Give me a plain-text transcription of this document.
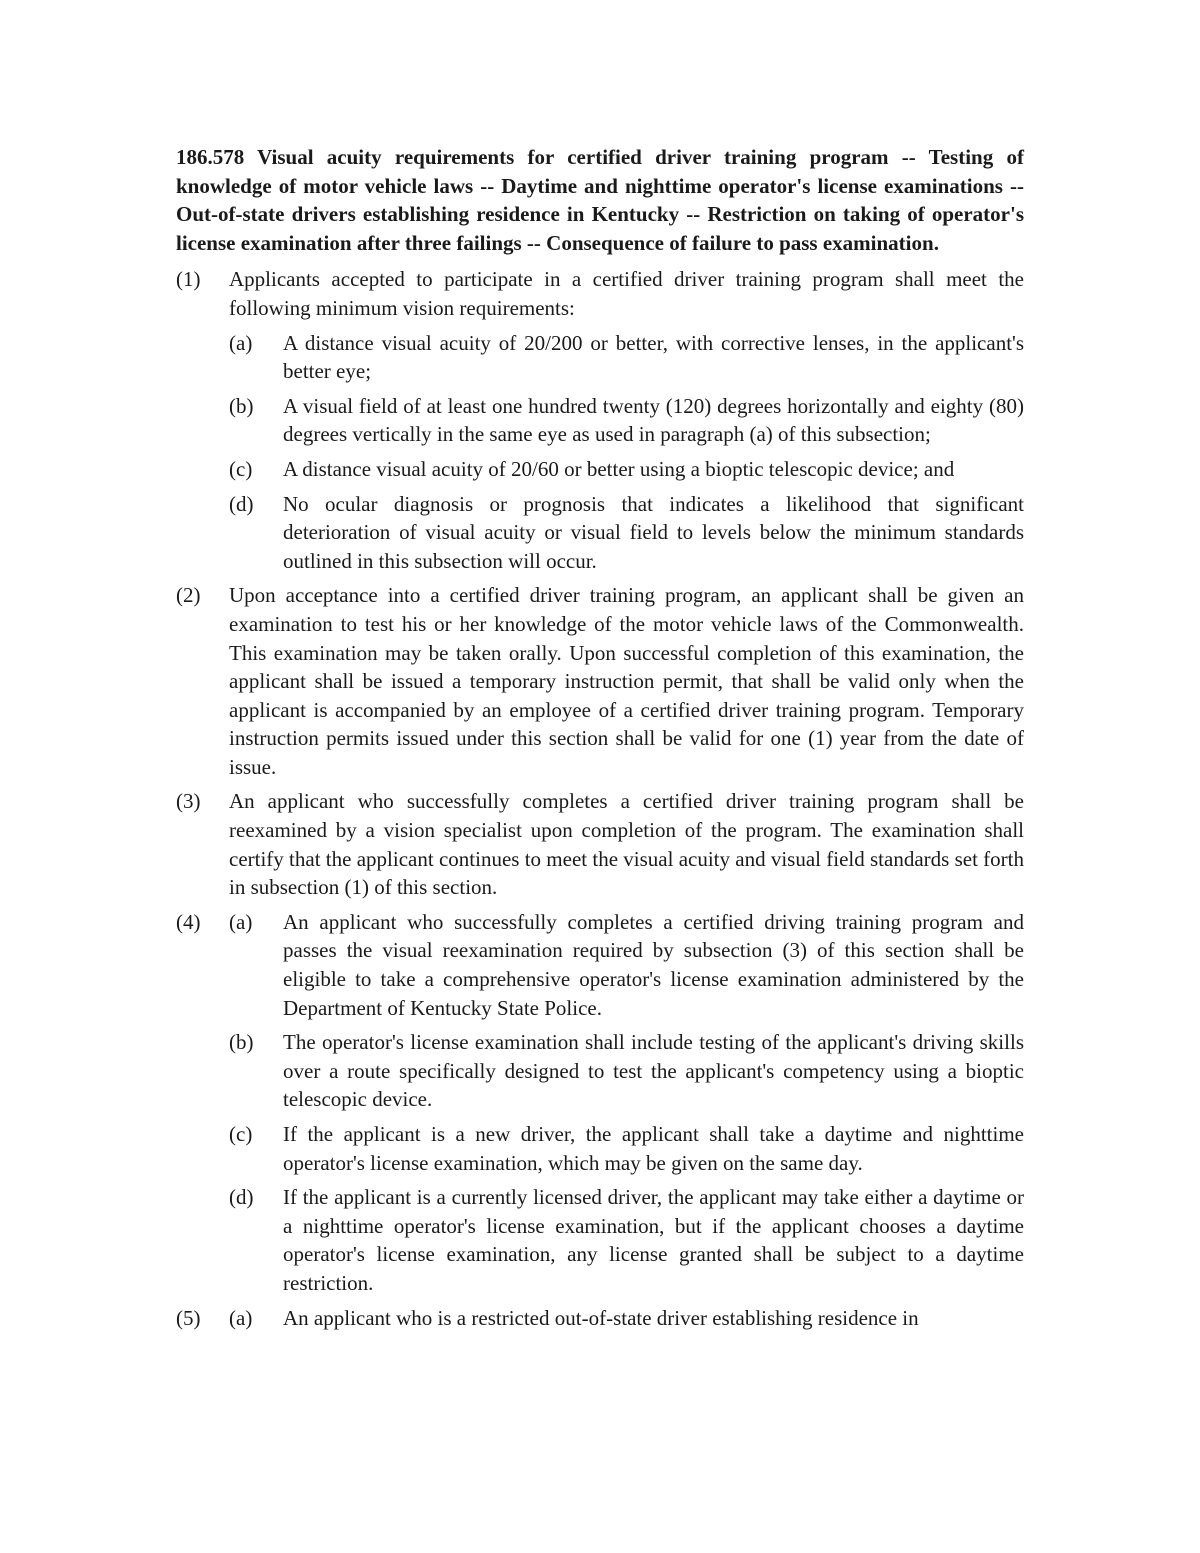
186.578 Visual acuity requirements for certified driver training program -- Testing of knowledge of motor vehicle laws -- Daytime and nighttime operator's license examinations -- Out-of-state drivers establishing residence in Kentucky -- Restriction on taking of operator's license examination after three failings -- Consequence of failure to pass examination.
(1) Applicants accepted to participate in a certified driver training program shall meet the following minimum vision requirements:
(a) A distance visual acuity of 20/200 or better, with corrective lenses, in the applicant's better eye;
(b) A visual field of at least one hundred twenty (120) degrees horizontally and eighty (80) degrees vertically in the same eye as used in paragraph (a) of this subsection;
(c) A distance visual acuity of 20/60 or better using a bioptic telescopic device; and
(d) No ocular diagnosis or prognosis that indicates a likelihood that significant deterioration of visual acuity or visual field to levels below the minimum standards outlined in this subsection will occur.
(2) Upon acceptance into a certified driver training program, an applicant shall be given an examination to test his or her knowledge of the motor vehicle laws of the Commonwealth. This examination may be taken orally. Upon successful completion of this examination, the applicant shall be issued a temporary instruction permit, that shall be valid only when the applicant is accompanied by an employee of a certified driver training program. Temporary instruction permits issued under this section shall be valid for one (1) year from the date of issue.
(3) An applicant who successfully completes a certified driver training program shall be reexamined by a vision specialist upon completion of the program. The examination shall certify that the applicant continues to meet the visual acuity and visual field standards set forth in subsection (1) of this section.
(4) (a) An applicant who successfully completes a certified driving training program and passes the visual reexamination required by subsection (3) of this section shall be eligible to take a comprehensive operator's license examination administered by the Department of Kentucky State Police.
(b) The operator's license examination shall include testing of the applicant's driving skills over a route specifically designed to test the applicant's competency using a bioptic telescopic device.
(c) If the applicant is a new driver, the applicant shall take a daytime and nighttime operator's license examination, which may be given on the same day.
(d) If the applicant is a currently licensed driver, the applicant may take either a daytime or a nighttime operator's license examination, but if the applicant chooses a daytime operator's license examination, any license granted shall be subject to a daytime restriction.
(5) (a) An applicant who is a restricted out-of-state driver establishing residence in
